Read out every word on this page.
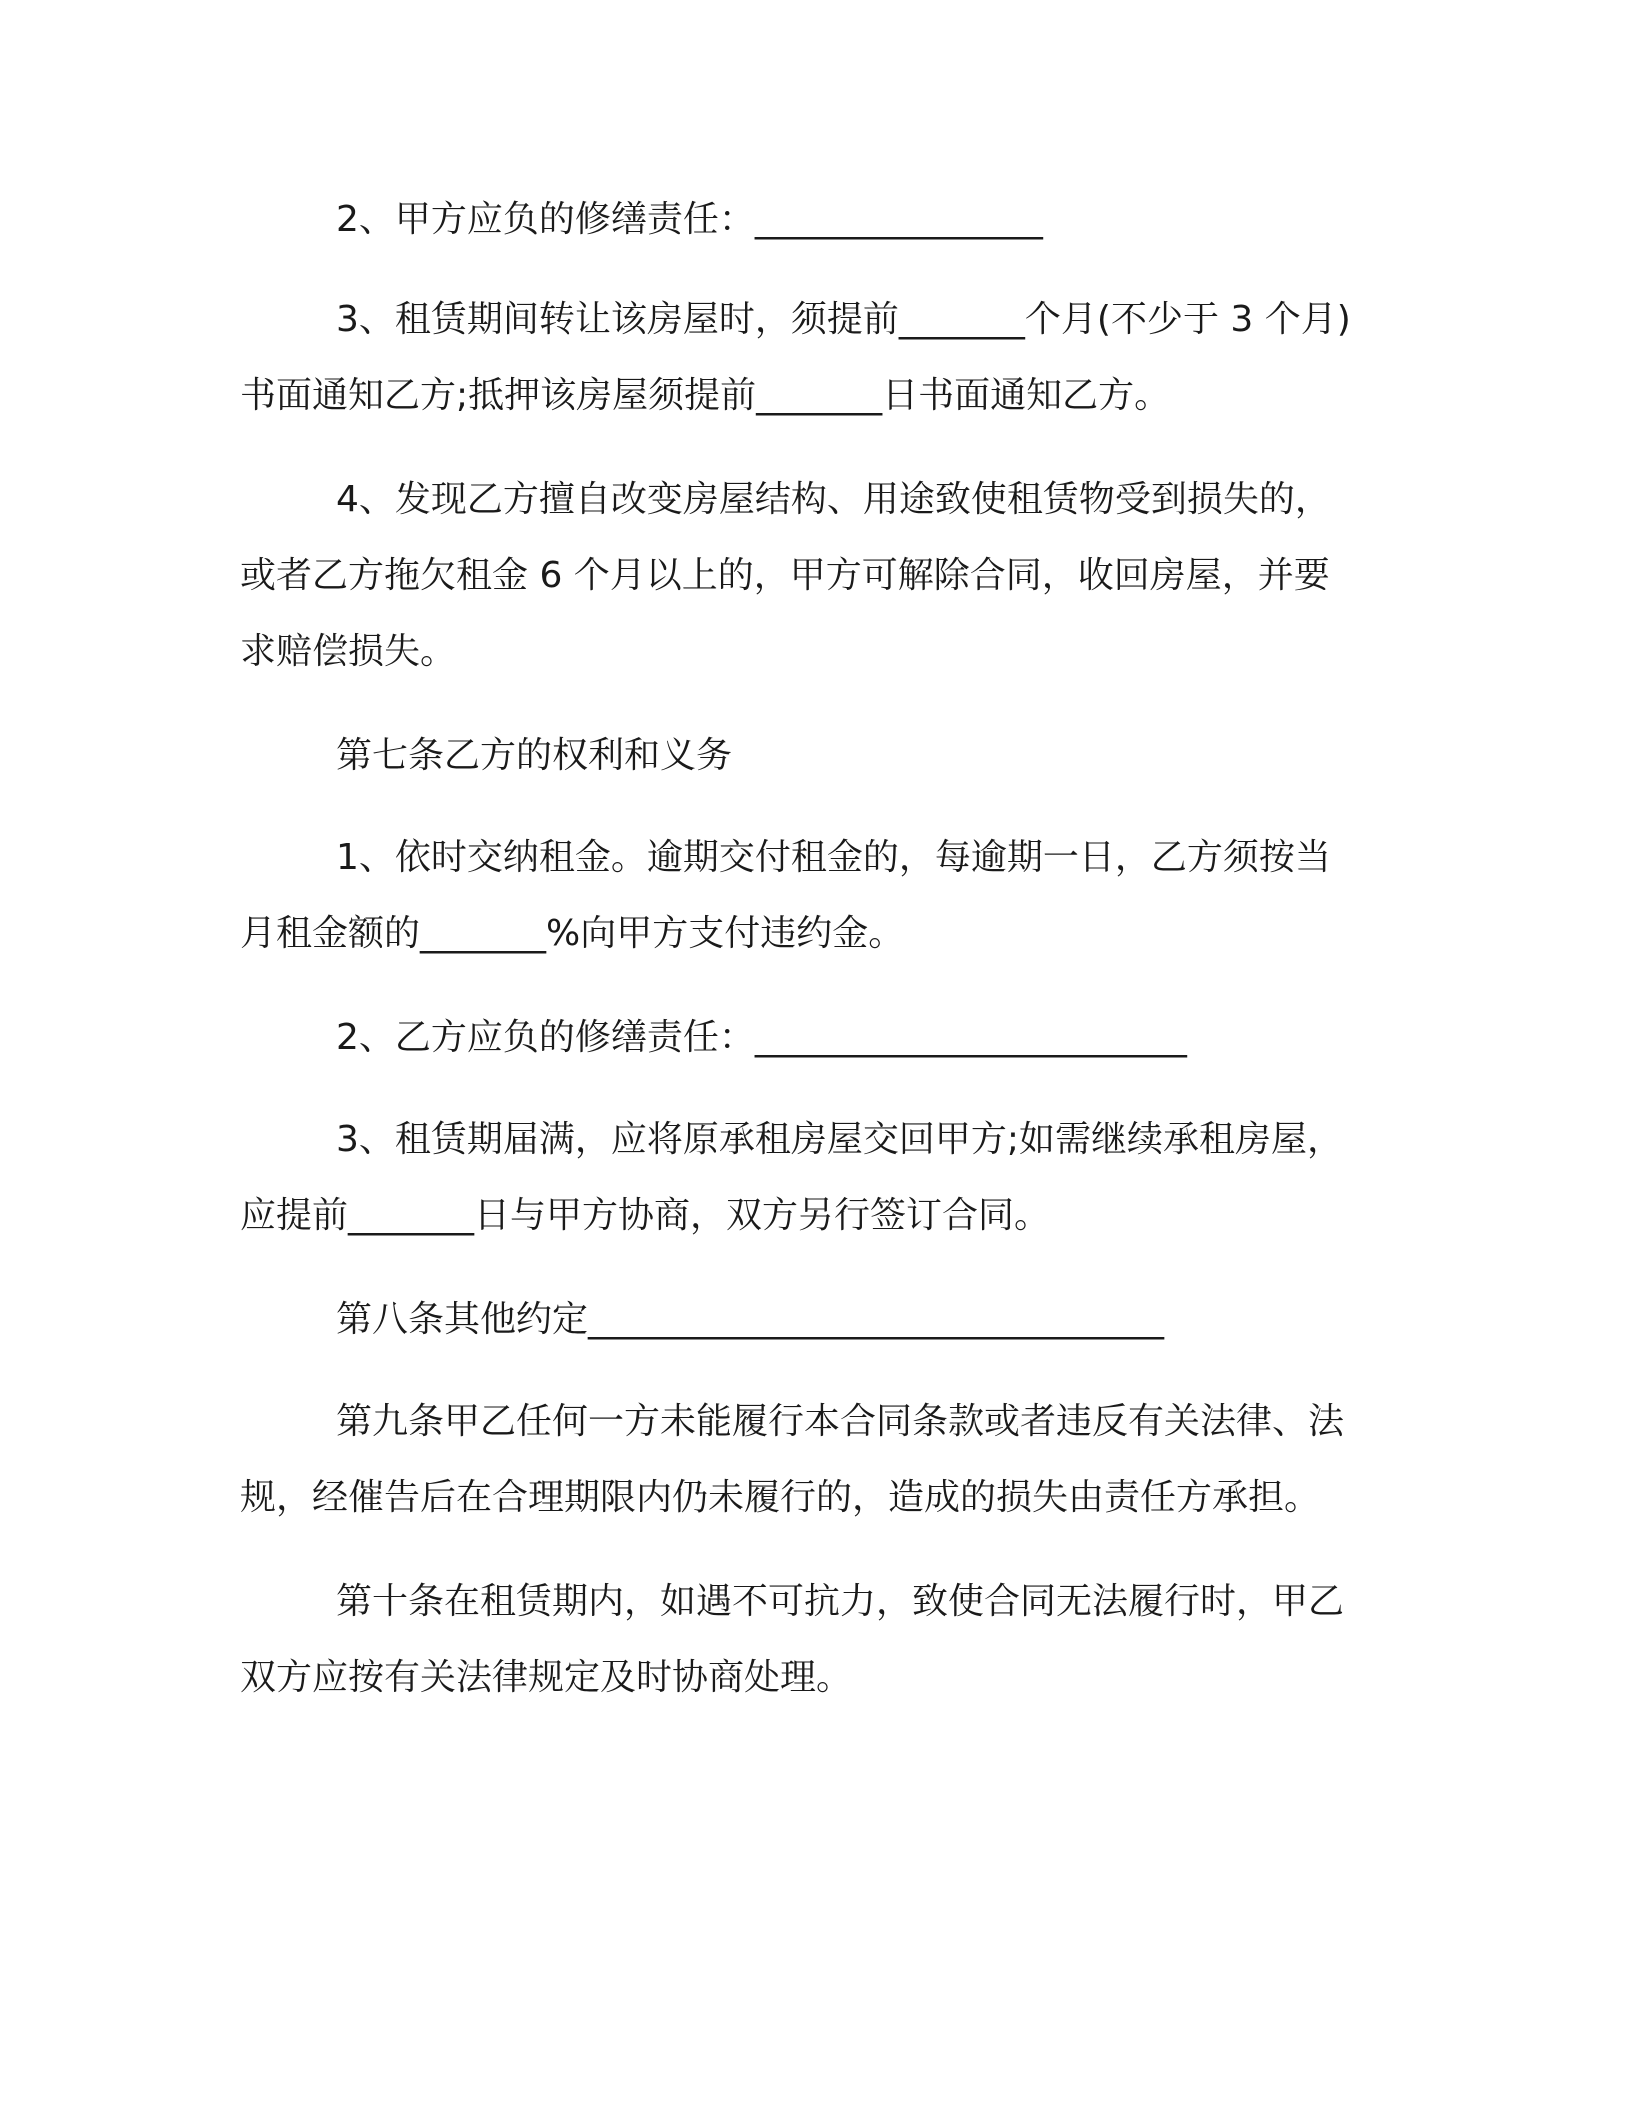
2、甲方应负的修缮责任：________________
3、租赁期间转让该房屋时，须提前_______个月(不少于 3 个月)
书面通知乙方;抵押该房屋须提前_______日书面通知乙方。
4、发现乙方擅自改变房屋结构、用途致使租赁物受到损失的，
或者乙方拖欠租金 6 个月以上的，甲方可解除合同，收回房屋，并要
求赔偿损失。
第七条乙方的权利和义务
1、依时交纳租金。逾期交付租金的，每逾期一日，乙方须按当
月租金额的_______%向甲方支付违约金。
2、乙方应负的修缮责任：________________________
3、租赁期届满，应将原承租房屋交回甲方;如需继续承租房屋，
应提前_______日与甲方协商，双方另行签订合同。
第八条其他约定________________________________
第九条甲乙任何一方未能履行本合同条款或者违反有关法律、法
规，经催告后在合理期限内仍未履行的，造成的损失由责任方承担。
第十条在租赁期内，如遇不可抗力，致使合同无法履行时，甲乙
双方应按有关法律规定及时协商处理。
